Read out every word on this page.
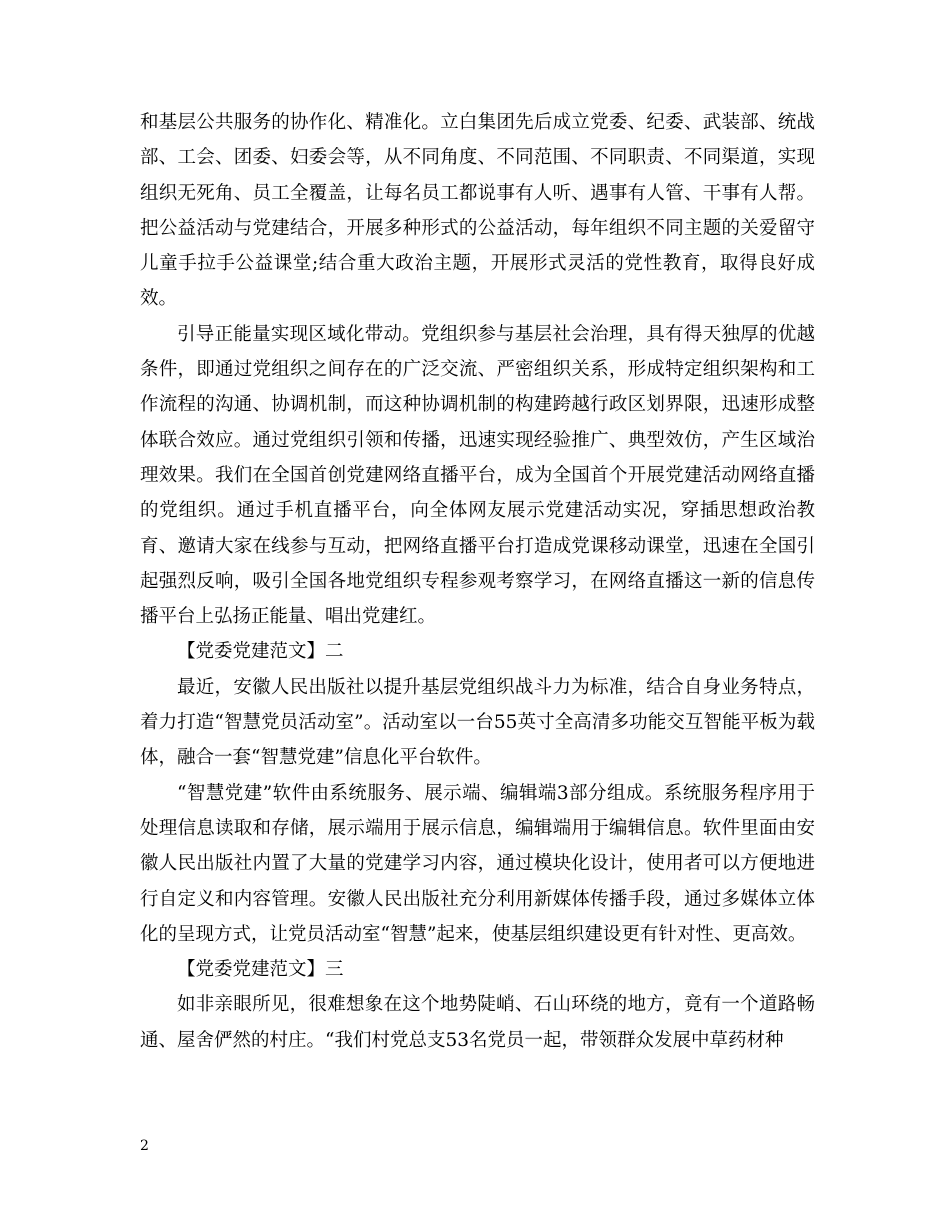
和基层公共服务的协作化、精准化。立白集团先后成立党委、纪委、武装部、统战部、工会、团委、妇委会等，从不同角度、不同范围、不同职责、不同渠道，实现组织无死角、员工全覆盖，让每名员工都说事有人听、遇事有人管、干事有人帮。把公益活动与党建结合，开展多种形式的公益活动，每年组织不同主题的关爱留守儿童手拉手公益课堂;结合重大政治主题，开展形式灵活的党性教育，取得良好成效。

引导正能量实现区域化带动。党组织参与基层社会治理，具有得天独厚的优越条件，即通过党组织之间存在的广泛交流、严密组织关系，形成特定组织架构和工作流程的沟通、协调机制，而这种协调机制的构建跨越行政区划界限，迅速形成整体联合效应。通过党组织引领和传播，迅速实现经验推广、典型效仿，产生区域治理效果。我们在全国首创党建网络直播平台，成为全国首个开展党建活动网络直播的党组织。通过手机直播平台，向全体网友展示党建活动实况，穿插思想政治教育、邀请大家在线参与互动，把网络直播平台打造成党课移动课堂，迅速在全国引起强烈反响，吸引全国各地党组织专程参观考察学习，在网络直播这一新的信息传播平台上弘扬正能量、唱出党建红。

【党委党建范文】二

最近，安徽人民出版社以提升基层党组织战斗力为标准，结合自身业务特点，着力打造“智慧党员活动室”。活动室以一台55英寸全高清多功能交互智能平板为载体，融合一套“智慧党建”信息化平台软件。

“智慧党建”软件由系统服务、展示端、编辑端3部分组成。系统服务程序用于处理信息读取和存储，展示端用于展示信息，编辑端用于编辑信息。软件里面由安徽人民出版社内置了大量的党建学习内容，通过模块化设计，使用者可以方便地进行自定义和内容管理。安徽人民出版社充分利用新媒体传播手段，通过多媒体立体化的呈现方式，让党员活动室“智慧”起来，使基层组织建设更有针对性、更高效。

【党委党建范文】三

如非亲眼所见，很难想象在这个地势陡峭、石山环绕的地方，竟有一个道路畅通、屋舍俨然的村庄。“我们村党总支53名党员一起，带领群众发展中草药材种

2
